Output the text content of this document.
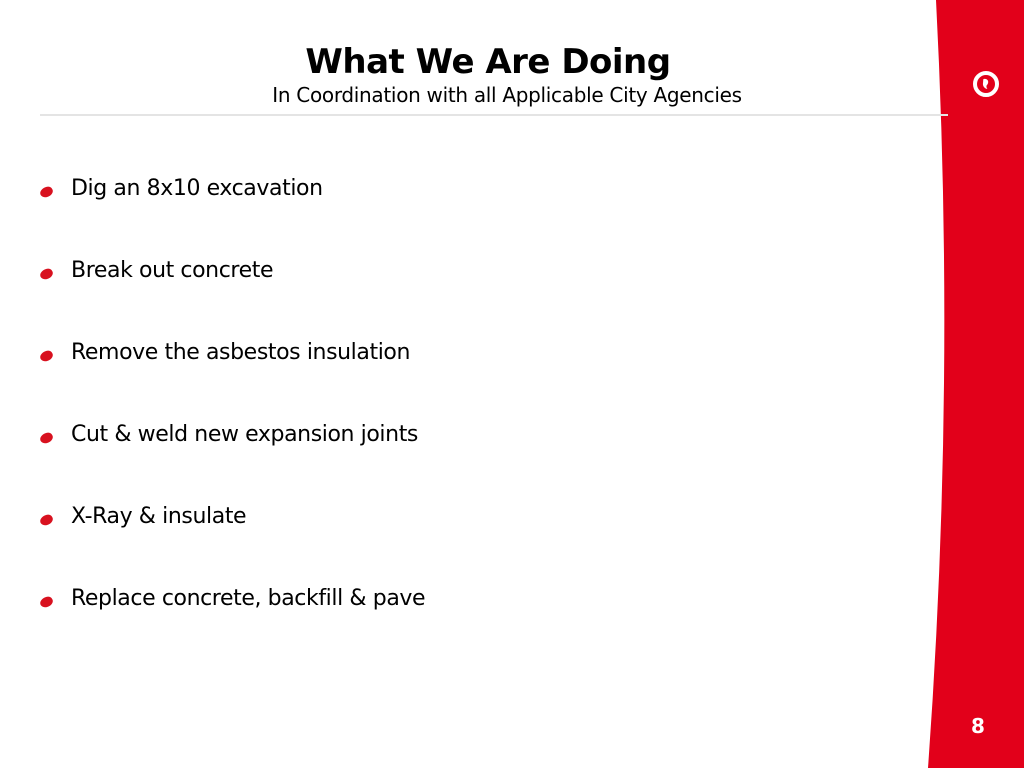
What We Are Doing
In Coordination with all Applicable City Agencies
Dig an 8x10 excavation
Break out concrete
Remove the asbestos insulation
Cut & weld new expansion joints
X-Ray & insulate
Replace concrete, backfill & pave
8
